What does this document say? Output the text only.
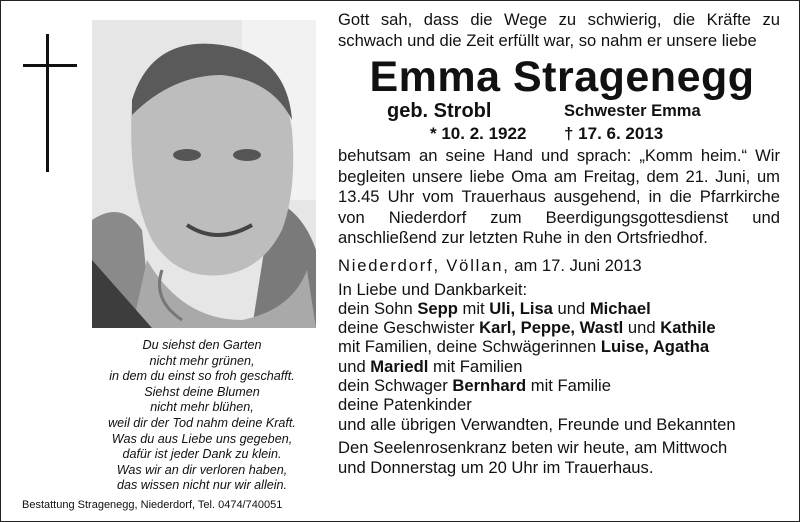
Du siehst den Garten
nicht mehr grünen,
in dem du einst so froh geschafft.
Siehst deine Blumen
nicht mehr blühen,
weil dir der Tod nahm deine Kraft.
Was du aus Liebe uns gegeben,
dafür ist jeder Dank zu klein.
Was wir an dir verloren haben,
das wissen nicht nur wir allein.
Bestattung Stragenegg, Niederdorf, Tel. 0474/740051
Gott sah, dass die Wege zu schwierig, die Kräfte zu schwach und die Zeit erfüllt war, so nahm er unsere liebe
Emma Stragenegg
geb. Strobl	Schwester Emma
* 10. 2. 1922 † 17. 6. 2013
behutsam an seine Hand und sprach: „Komm heim.“ Wir begleiten unsere liebe Oma am Freitag, dem 21. Juni, um 13.45 Uhr vom Trauerhaus ausgehend, in die Pfarrkirche von Niederdorf zum Beerdigungsgottesdienst und anschließend zur letzten Ruhe in den Ortsfriedhof.
Niederdorf, Völlan, am 17. Juni 2013
In Liebe und Dankbarkeit:
dein Sohn Sepp mit Uli, Lisa und Michael
deine Geschwister Karl, Peppe, Wastl und Kathile
mit Familien, deine Schwägerinnen Luise, Agatha
und Mariedl mit Familien
dein Schwager Bernhard mit Familie
deine Patenkinder
und alle übrigen Verwandten, Freunde und Bekannten
Den Seelenrosenkranz beten wir heute, am Mittwoch
und Donnerstag um 20 Uhr im Trauerhaus.
